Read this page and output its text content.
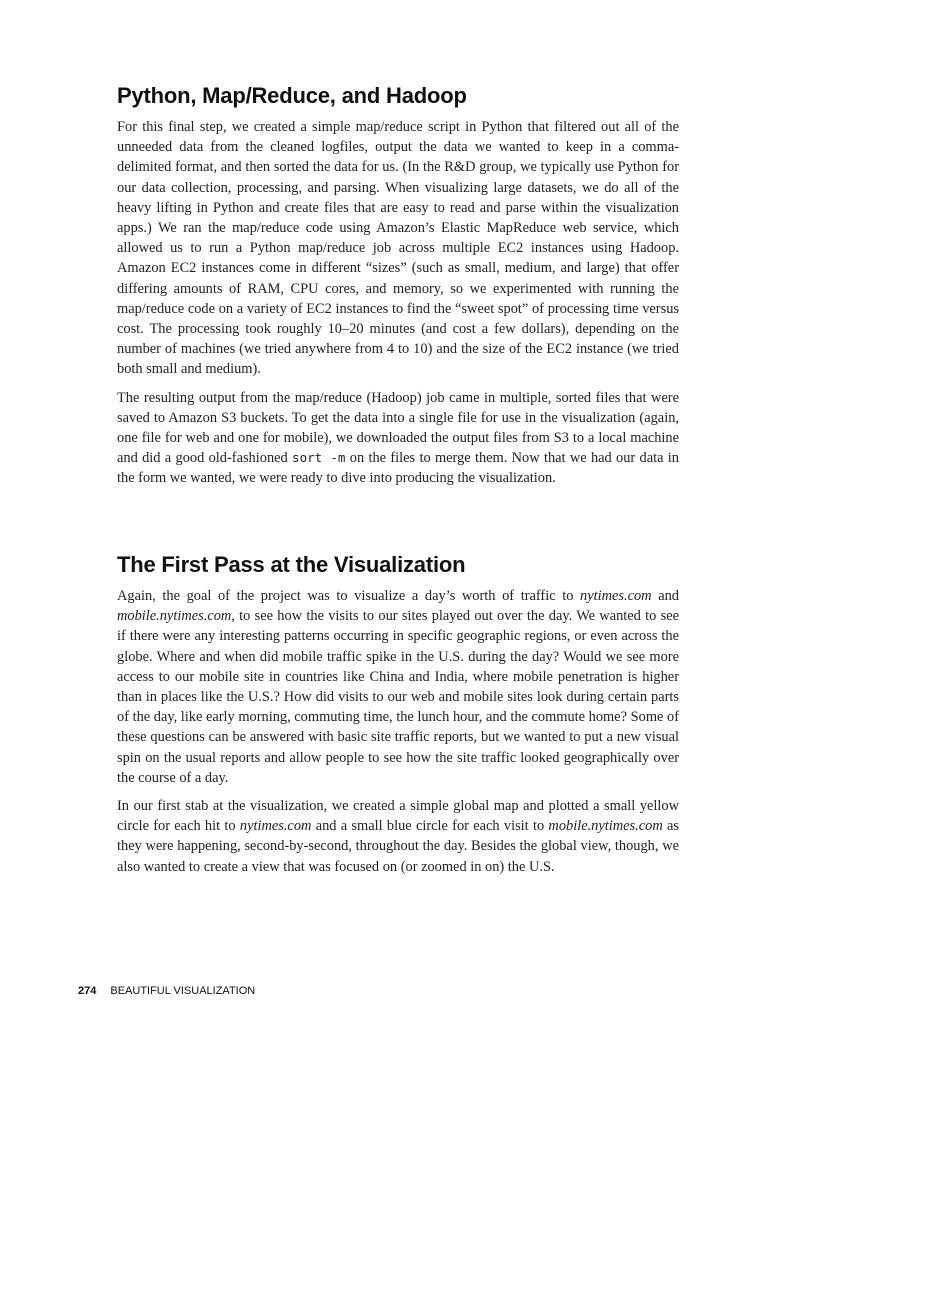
Python, Map/Reduce, and Hadoop

For this final step, we created a simple map/reduce script in Python that filtered out all of the unneeded data from the cleaned logfiles, output the data we wanted to keep in a comma-delimited format, and then sorted the data for us. (In the R&D group, we typically use Python for our data collection, processing, and parsing. When visualizing large datasets, we do all of the heavy lifting in Python and create files that are easy to read and parse within the visualization apps.) We ran the map/reduce code using Amazon’s Elastic MapReduce web service, which allowed us to run a Python map/reduce job across multiple EC2 instances using Hadoop. Amazon EC2 instances come in different “sizes” (such as small, medium, and large) that offer differing amounts of RAM, CPU cores, and memory, so we experimented with running the map/reduce code on a variety of EC2 instances to find the “sweet spot” of processing time versus cost. The processing took roughly 10–20 minutes (and cost a few dollars), depending on the number of machines (we tried anywhere from 4 to 10) and the size of the EC2 instance (we tried both small and medium).

The resulting output from the map/reduce (Hadoop) job came in multiple, sorted files that were saved to Amazon S3 buckets. To get the data into a single file for use in the visualization (again, one file for web and one for mobile), we downloaded the output files from S3 to a local machine and did a good old-fashioned sort -m on the files to merge them. Now that we had our data in the form we wanted, we were ready to dive into producing the visualization.

The First Pass at the Visualization

Again, the goal of the project was to visualize a day’s worth of traffic to nytimes.com and mobile.nytimes.com, to see how the visits to our sites played out over the day. We wanted to see if there were any interesting patterns occurring in specific geographic regions, or even across the globe. Where and when did mobile traffic spike in the U.S. during the day? Would we see more access to our mobile site in countries like China and India, where mobile penetration is higher than in places like the U.S.? How did visits to our web and mobile sites look during certain parts of the day, like early morning, commuting time, the lunch hour, and the commute home? Some of these questions can be answered with basic site traffic reports, but we wanted to put a new visual spin on the usual reports and allow people to see how the site traffic looked geographically over the course of a day.

In our first stab at the visualization, we created a simple global map and plotted a small yellow circle for each hit to nytimes.com and a small blue circle for each visit to mobile.nytimes.com as they were happening, second-by-second, throughout the day. Besides the global view, though, we also wanted to create a view that was focused on (or zoomed in on) the U.S.

274 BEAUTIFUL VISUALIZATION
